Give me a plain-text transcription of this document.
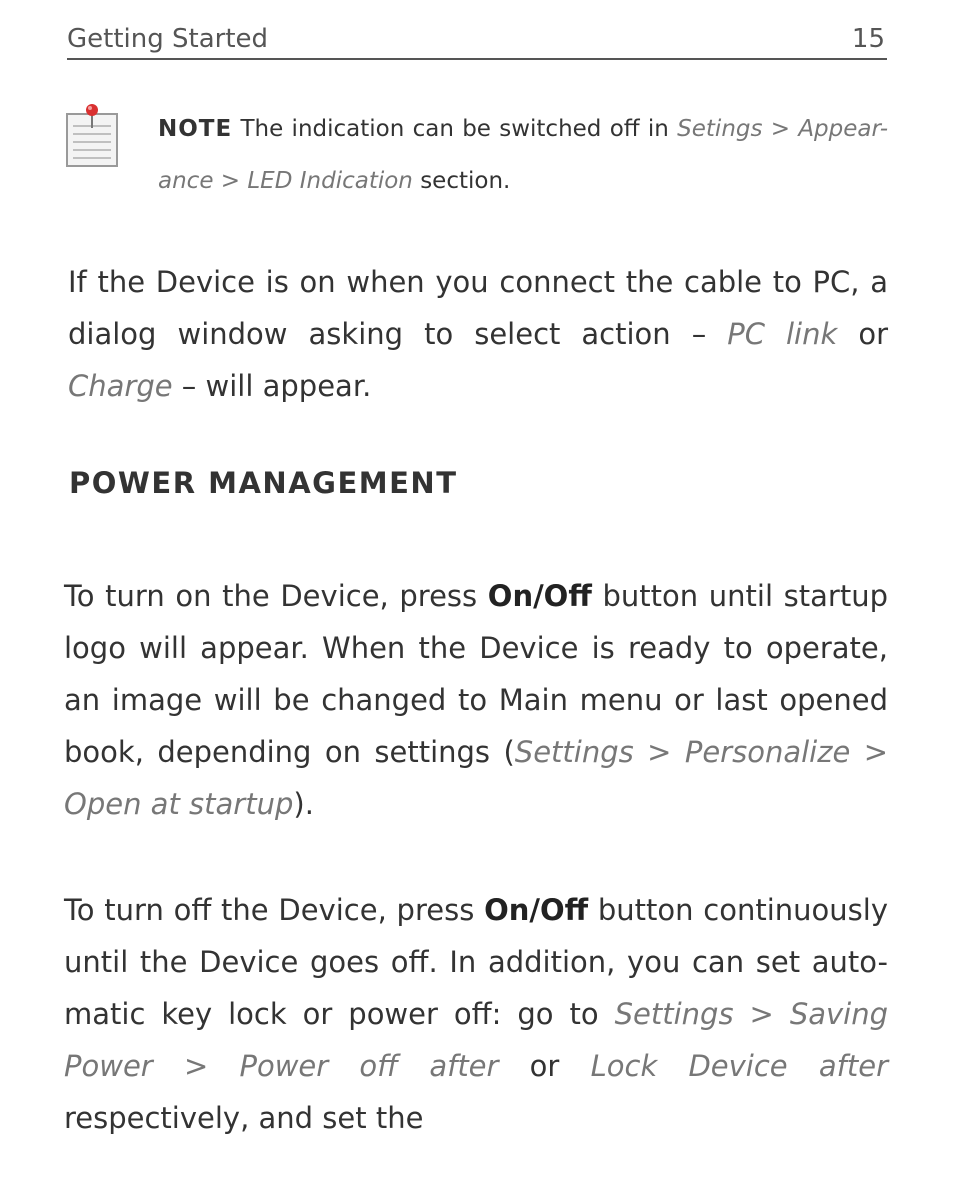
Getting Started	15
NOTE The indication can be switched off in Setings > Appear-ance > LED Indication section.
If the Device is on when you connect the cable to PC, a dialog window asking to select action – PC link or Charge – will appear.
POWER MANAGEMENT
To turn on the Device, press On/Off button until startup logo will appear. When the Device is ready to operate, an image will be changed to Main menu or last opened book, depending on settings (Settings > Personalize > Open at startup).
To turn off the Device, press On/Off button continuously until the Device goes off. In addition, you can set auto-matic key lock or power off: go to Settings > Saving Power > Power off after or Lock Device after respectively, and set the
